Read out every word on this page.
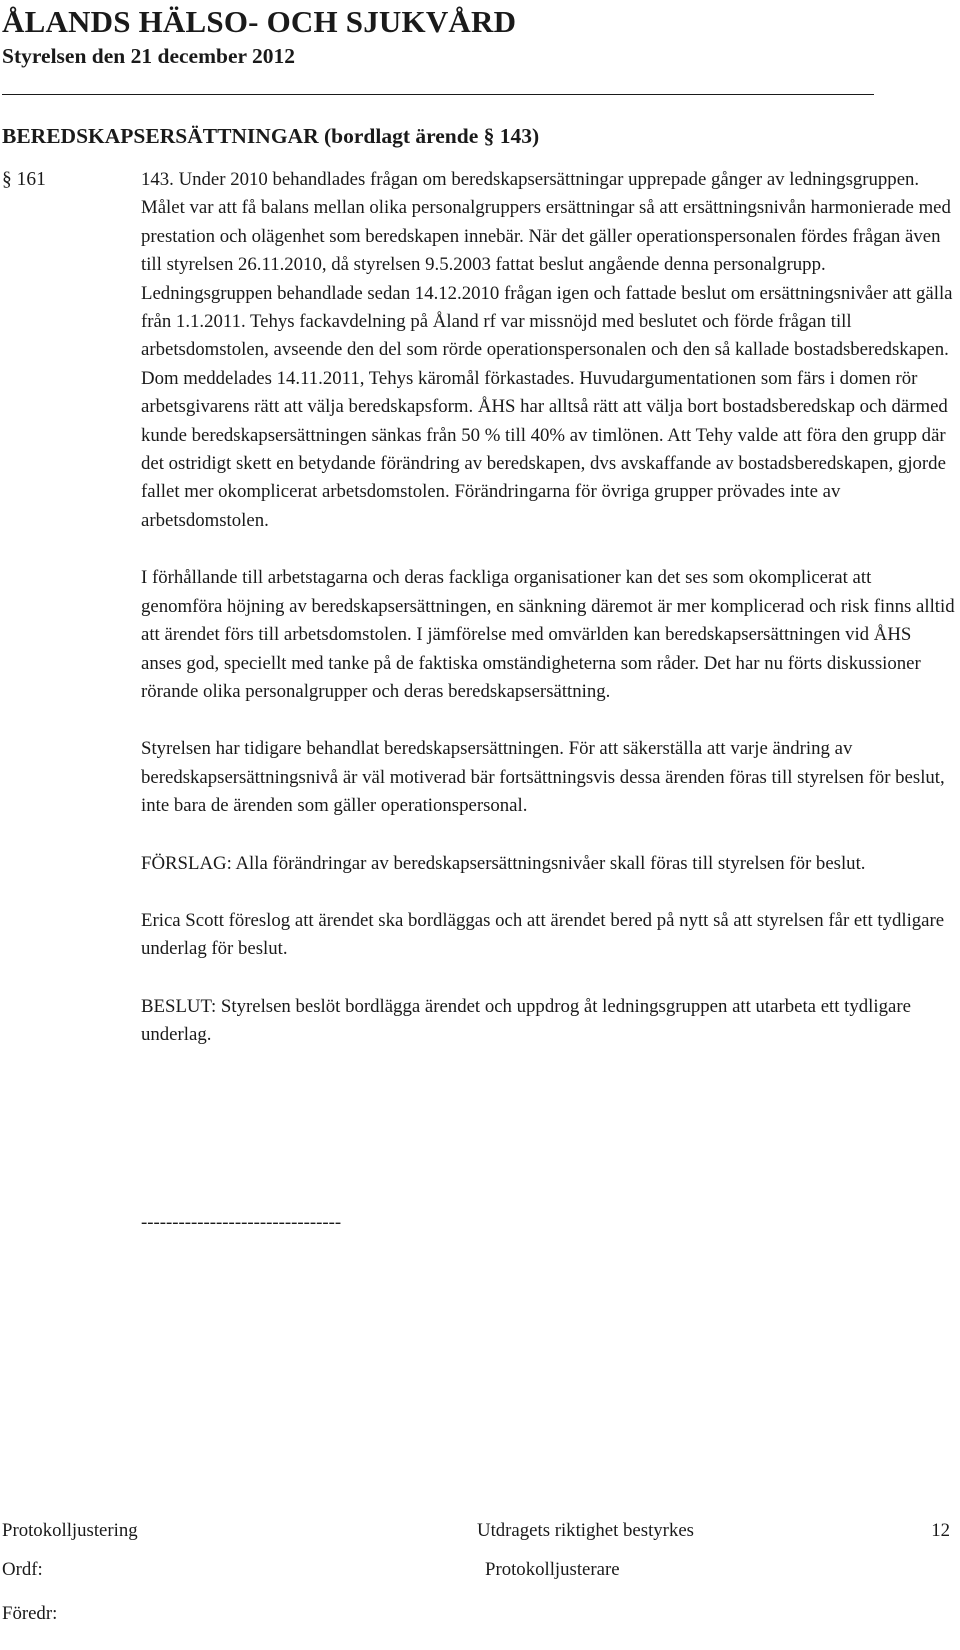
ÅLANDS HÄLSO- OCH SJUKVÅRD
Styrelsen den 21 december 2012
BEREDSKAPSERSÄTTNINGAR (bordlagt ärende § 143)
§ 161	143. Under 2010 behandlades frågan om beredskapsersättningar upprepade gånger av ledningsgruppen. Målet var att få balans mellan olika personalgruppers ersättningar så att ersättningsnivån harmonierade med prestation och olägenhet som beredskapen innebär. När det gäller operationspersonalen fördes frågan även till styrelsen 26.11.2010, då styrelsen 9.5.2003 fattat beslut angående denna personalgrupp. Ledningsgruppen behandlade sedan 14.12.2010 frågan igen och fattade beslut om ersättningsnivåer att gälla från 1.1.2011. Tehys fackavdelning på Åland rf var missnöjd med beslutet och förde frågan till arbetsdomstolen, avseende den del som rörde operationspersonalen och den så kallade bostadsberedskapen. Dom meddelades 14.11.2011, Tehys käromål förkastades. Huvudargumentationen som färs i domen rör arbetsgivarens rätt att välja beredskapsform. ÅHS har alltså rätt att välja bort bostadsberedskap och därmed kunde beredskapsersättningen sänkas från 50 % till 40% av timlönen. Att Tehy valde att föra den grupp där det ostridigt skett en betydande förändring av beredskapen, dvs avskaffande av bostadsberedskapen, gjorde fallet mer okomplicerat arbetsdomstolen. Förändringarna för övriga grupper prövades inte av arbetsdomstolen.

I förhållande till arbetstagarna och deras fackliga organisationer kan det ses som okomplicerat att genomföra höjning av beredskapsersättningen, en sänkning däremot är mer komplicerad och risk finns alltid att ärendet förs till arbetsdomstolen. I jämförelse med omvärlden kan beredskapsersättningen vid ÅHS anses god, speciellt med tanke på de faktiska omständigheterna som råder. Det har nu förts diskussioner rörande olika personalgrupper och deras beredskapsersättning.

Styrelsen har tidigare behandlat beredskapsersättningen. För att säkerställa att varje ändring av beredskapsersättningsnivå är väl motiverad bär fortsättningsvis dessa ärenden föras till styrelsen för beslut, inte bara de ärenden som gäller operationspersonal.

FÖRSLAG: Alla förändringar av beredskapsersättningsnivåer skall föras till styrelsen för beslut.

Erica Scott föreslog att ärendet ska bordläggas och att ärendet bered på nytt så att styrelsen får ett tydligare underlag för beslut.

BESLUT: Styrelsen beslöt bordlägga ärendet och uppdrog åt ledningsgruppen att utarbeta ett tydligare underlag.

--------------------------------
Protokolljustering	Utdragets riktighet bestyrkes	12
Ordf:	Protokolljusterare
Föredr:
